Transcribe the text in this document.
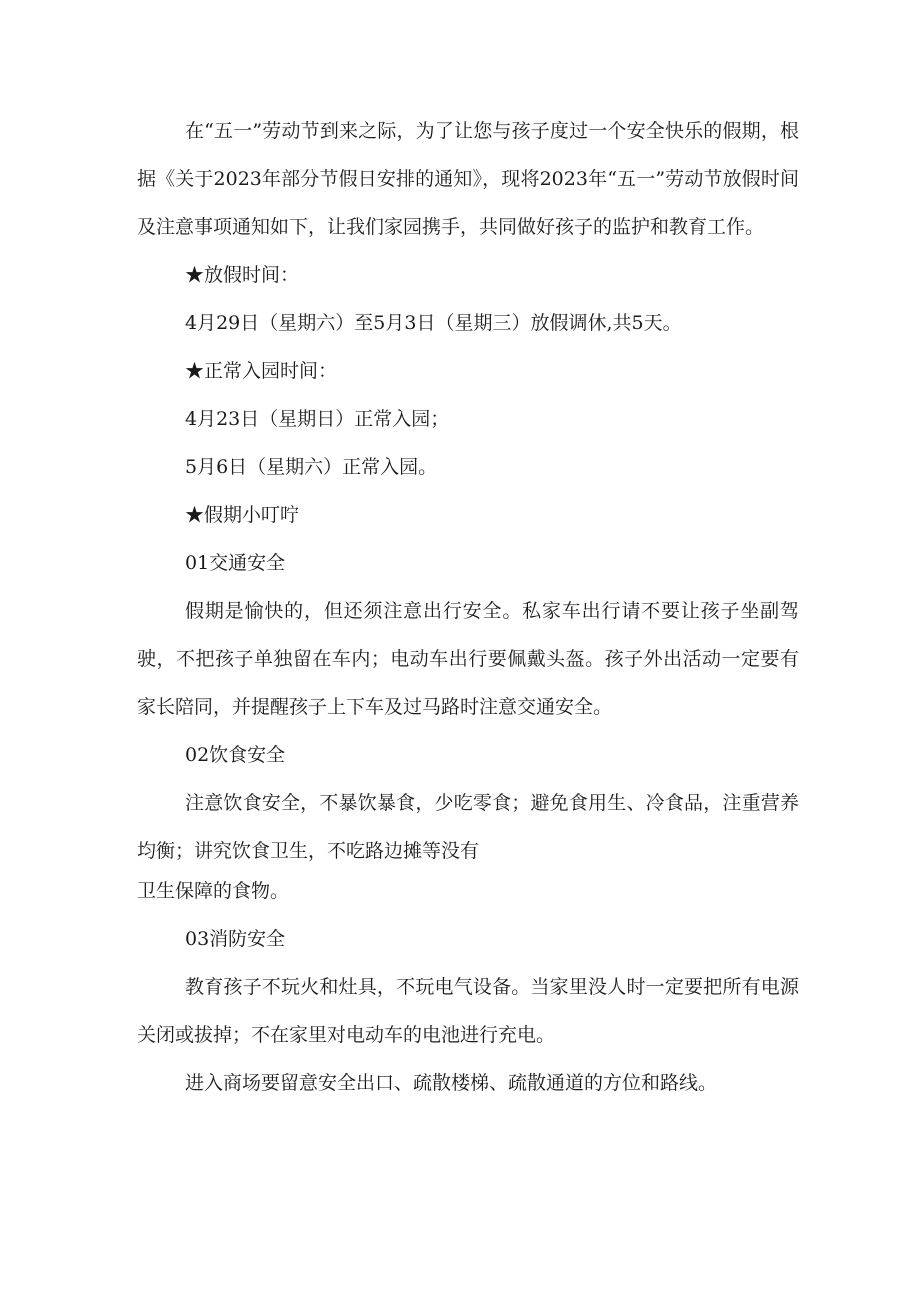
在“五一”劳动节到来之际，为了让您与孩子度过一个安全快乐的假期，根据《关于2023年部分节假日安排的通知》，现将2023年“五一”劳动节放假时间及注意事项通知如下，让我们家园携手，共同做好孩子的监护和教育工作。

★放假时间：

4月29日（星期六）至5月3日（星期三）放假调休,共5天。

★正常入园时间：

4月23日（星期日）正常入园；

5月6日（星期六）正常入园。

★假期小叮咛

01交通安全

假期是愉快的，但还须注意出行安全。私家车出行请不要让孩子坐副驾驶，不把孩子单独留在车内；电动车出行要佩戴头盔。孩子外出活动一定要有家长陪同，并提醒孩子上下车及过马路时注意交通安全。

02饮食安全

注意饮食安全，不暴饮暴食，少吃零食；避免食用生、冷食品，注重营养均衡；讲究饮食卫生，不吃路边摊等没有

卫生保障的食物。

03消防安全

教育孩子不玩火和灶具，不玩电气设备。当家里没人时一定要把所有电源关闭或拔掉；不在家里对电动车的电池进行充电。

进入商场要留意安全出口、疏散楼梯、疏散通道的方位和路线。
